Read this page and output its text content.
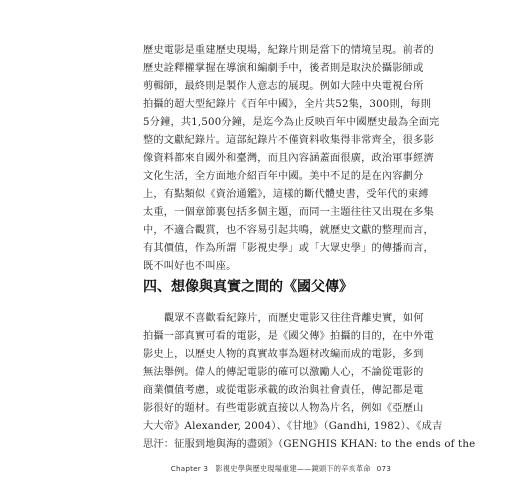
歷史電影是重建歷史現場，紀錄片則是當下的情境呈現。前者的
歷史詮釋權掌握在導演和編劇手中，後者則是取決於攝影師或
剪輯師，最終則是製作人意志的展現。例如大陸中央電視台所
拍攝的超大型紀錄片《百年中國》，全片共52集，300則，每則
5分鐘，共1,500分鐘，是迄今為止反映百年中國歷史最為全面完
整的文獻紀錄片。這部紀錄片不僅資料收集得非常齊全，很多影
像資料都來自國外和臺灣，而且內容涵蓋面很廣，政治軍事經濟
文化生活，全方面地介紹百年中國。美中不足的是在內容劃分
上，有點類似《資治通鑑》，這樣的斷代體史書，受年代的束縛
太重，一個章節裏包括多個主題，而同一主題往往又出現在多集
中，不適合觀賞，也不容易引起共鳴，就歷史文獻的整理而言，
有其價值，作為所謂「影視史學」或「大眾史學」的傳播而言，
既不叫好也不叫座。
四、想像與真實之間的《國父傳》
觀眾不喜歡看紀錄片，而歷史電影又往往背離史實，如何
拍攝一部真實可看的電影，是《國父傳》拍攝的目的，在中外電
影史上，以歷史人物的真實故事為題材改編而成的電影，多到
無法舉例。偉人的傳記電影的確可以激勵人心，不論從電影的
商業價值考慮，或從電影承載的政治與社會責任，傳記都是電
影很好的題材。有些電影就直接以人物為片名，例如《亞歷山
大大帝》Alexander, 2004）、《甘地》（Gandhi, 1982）、《成吉
思汗：征服到地與海的盡頭》（GENGHIS KHAN: to the ends of the
Chapter 3　影視史學與歷史現場重建——鏡頭下的辛亥革命 073
